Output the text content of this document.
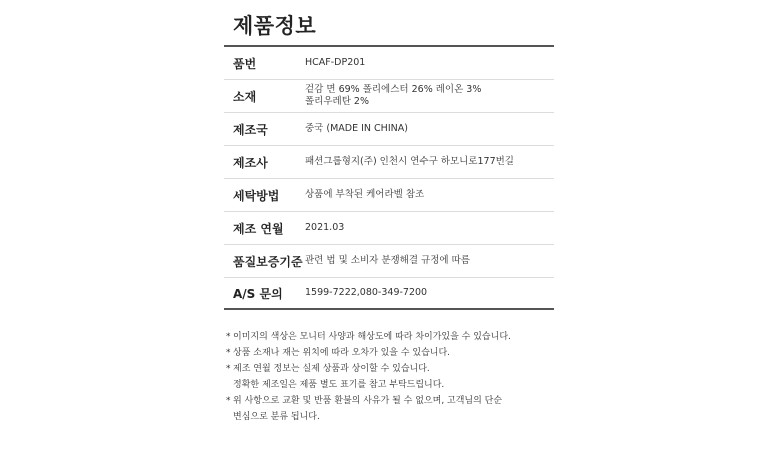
제품정보
품번	HCAF-DP201
소재	겉감 면 69% 폴리에스터 26% 레이온 3%
폴리우레탄 2%
제조국	중국 (MADE IN CHINA)
제조사	패션그룹형지(주) 인천시 연수구 하모니로177번길
세탁방법	상품에 부착된 케어라벨 참조
제조 연월	2021.03
품질보증기준 관련 법 및 소비자 분쟁해결 규정에 따름
A/S 문의	1599-7222,080-349-7200
* 이미지의 색상은 모니터 사양과 해상도에 따라 차이가있을 수 있습니다.
* 상품 소재나 재는 위치에 따라 오차가 있을 수 있습니다.
* 제조 연월 정보는 실제 상품과 상이할 수 있습니다.
정확한 제조일은 제품 별도 표기를 참고 부탁드립니다.
* 위 사항으로 교환 및 반품 환불의 사유가 될 수 없으며, 고객님의 단순
변심으로 분류 됩니다.
